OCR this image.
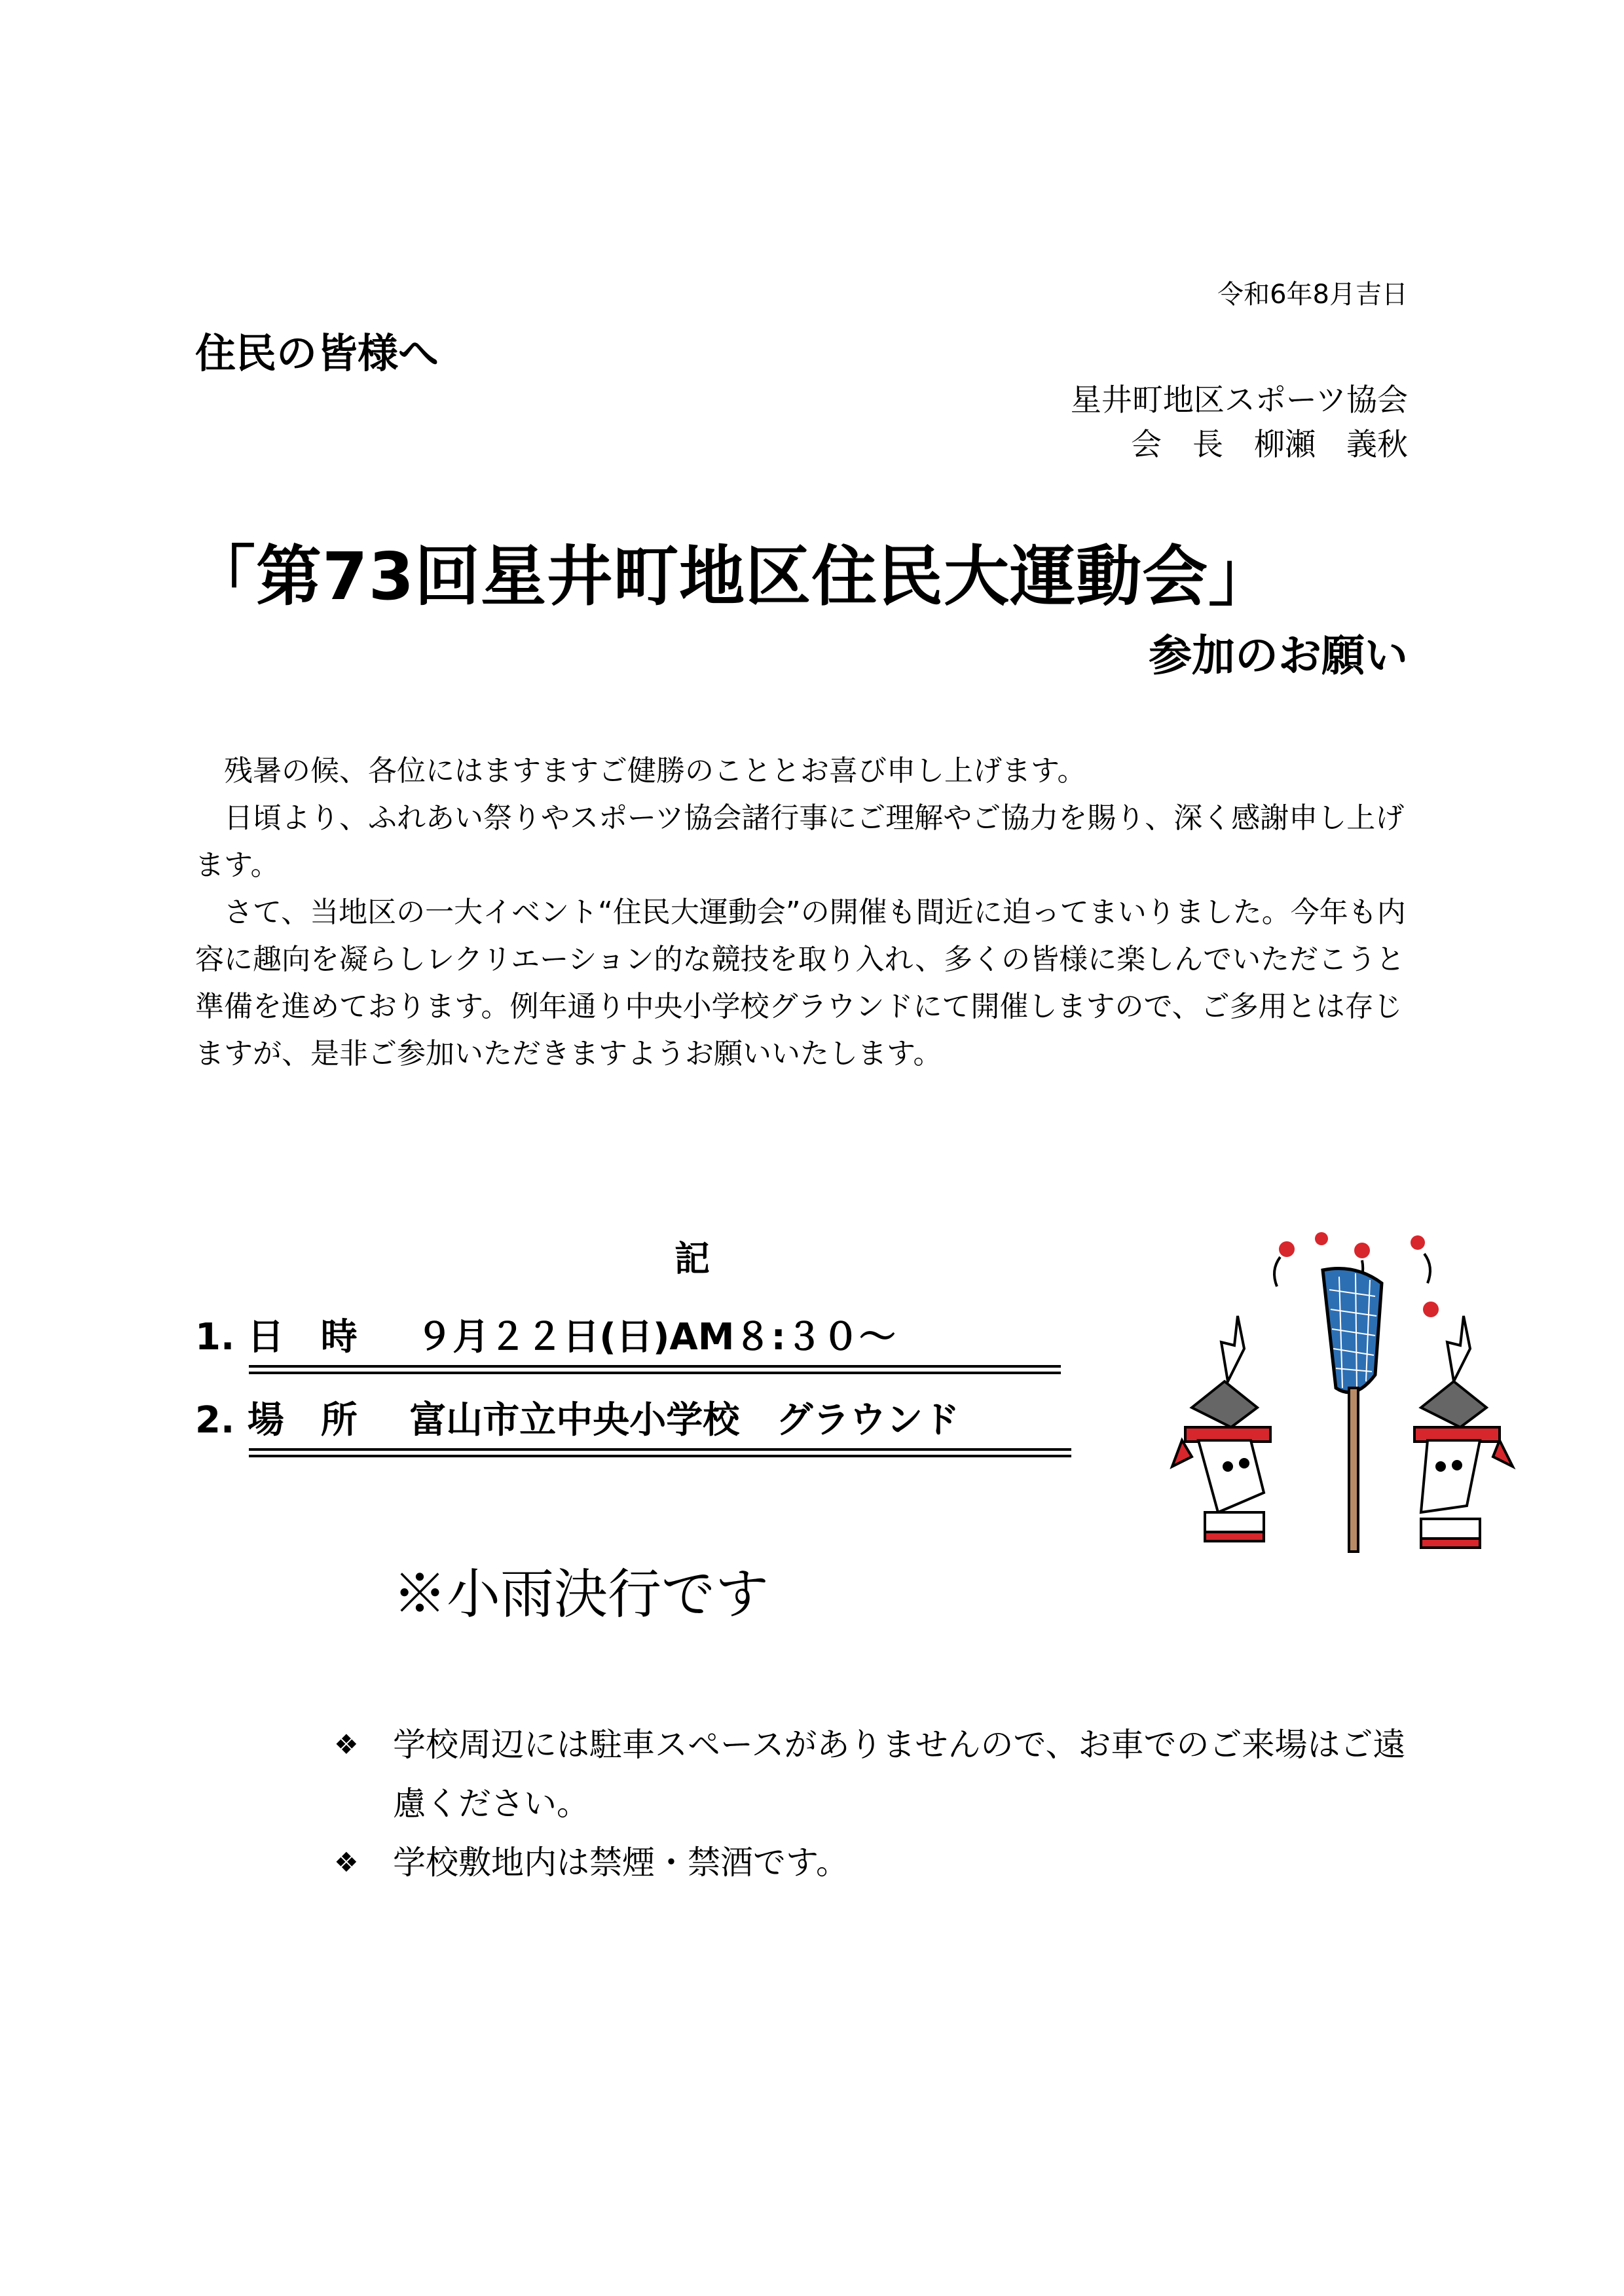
令和6年8月吉日
住民の皆様へ
星井町地区スポーツ協会
会　長　柳瀬　義秋
「第73回星井町地区住民大運動会」
参加のお願い

残暑の候、各位にはますますご健勝のこととお喜び申し上げます。

日頃より、ふれあい祭りやスポーツ協会諸行事にご理解やご協力を賜り、深く感謝申し上げます。

さて、当地区の一大イベント“住民大運動会”の開催も間近に迫ってまいりました。今年も内容に趣向を凝らしレクリエーション的な競技を取り入れ、多くの皆様に楽しんでいただこうと準備を進めております。例年通り中央小学校グラウンドにて開催しますので、ご多用とは存じますが、是非ご参加いただきますようお願いいたします。

記
1. 日　時 ９月２２日(日)AM８:３０～
2. 場　所 富山市立中央小学校　グラウンド
※小雨決行です
❖ 学校周辺には駐車スペースがありませんので、お車でのご来場はご遠慮ください。
❖ 学校敷地内は禁煙・禁酒です。
